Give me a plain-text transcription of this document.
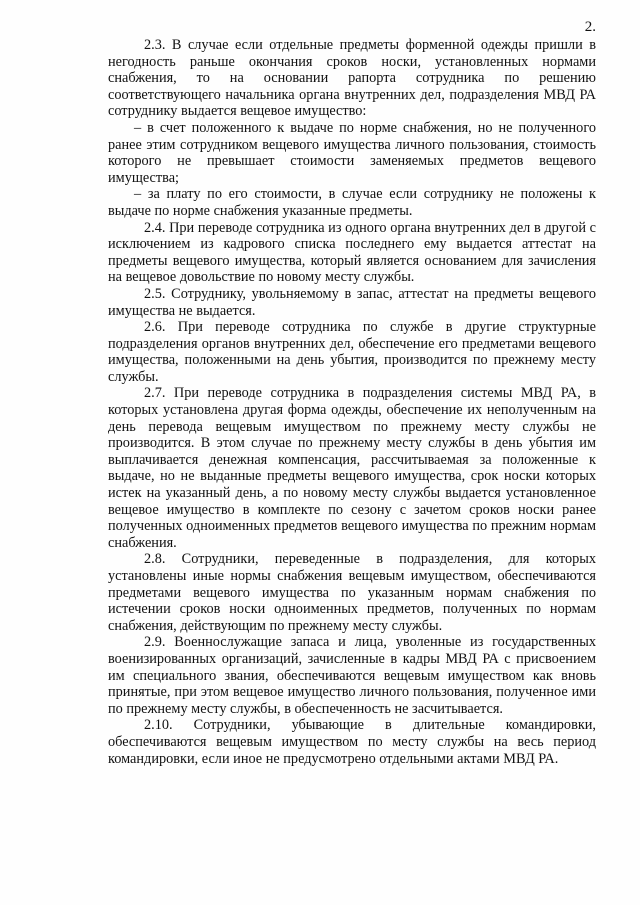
2.

2.3. В случае если отдельные предметы форменной одежды пришли в негодность раньше окончания сроков носки, установленных нормами снабжения, то на основании рапорта сотрудника по решению соответствующего начальника органа внутренних дел, подразделения МВД РА сотруднику выдается вещевое имущество:

– в счет положенного к выдаче по норме снабжения, но не полученного ранее этим сотрудником вещевого имущества личного пользования, стоимость которого не превышает стоимости заменяемых предметов вещевого имущества;

– за плату по его стоимости, в случае если сотруднику не положены к выдаче по норме снабжения указанные предметы.

2.4. При переводе сотрудника из одного органа внутренних дел в другой с исключением из кадрового списка последнего ему выдается аттестат на предметы вещевого имущества, который является основанием для зачисления на вещевое довольствие по новому месту службы.

2.5. Сотруднику, увольняемому в запас, аттестат на предметы вещевого имущества не выдается.

2.6. При переводе сотрудника по службе в другие структурные подразделения органов внутренних дел, обеспечение его предметами вещевого имущества, положенными на день убытия, производится по прежнему месту службы.

2.7. При переводе сотрудника в подразделения системы МВД РА, в которых установлена другая форма одежды, обеспечение их неполученным на день перевода вещевым имуществом по прежнему месту службы не производится. В этом случае по прежнему месту службы в день убытия им выплачивается денежная компенсация, рассчитываемая за положенные к выдаче, но не выданные предметы вещевого имущества, срок носки которых истек на указанный день, а по новому месту службы выдается установленное вещевое имущество в комплекте по сезону с зачетом сроков носки ранее полученных одноименных предметов вещевого имущества по прежним нормам снабжения.

2.8. Сотрудники, переведенные в подразделения, для которых установлены иные нормы снабжения вещевым имуществом, обеспечиваются предметами вещевого имущества по указанным нормам снабжения по истечении сроков носки одноименных предметов, полученных по нормам снабжения, действующим по прежнему месту службы.

2.9. Военнослужащие запаса и лица, уволенные из государственных военизированных организаций, зачисленные в кадры МВД РА с присвоением им специального звания, обеспечиваются вещевым имуществом как вновь принятые, при этом вещевое имущество личного пользования, полученное ими по прежнему месту службы, в обеспеченность не засчитывается.

2.10. Сотрудники, убывающие в длительные командировки, обеспечиваются вещевым имуществом по месту службы на весь период командировки, если иное не предусмотрено отдельными актами МВД РА.
